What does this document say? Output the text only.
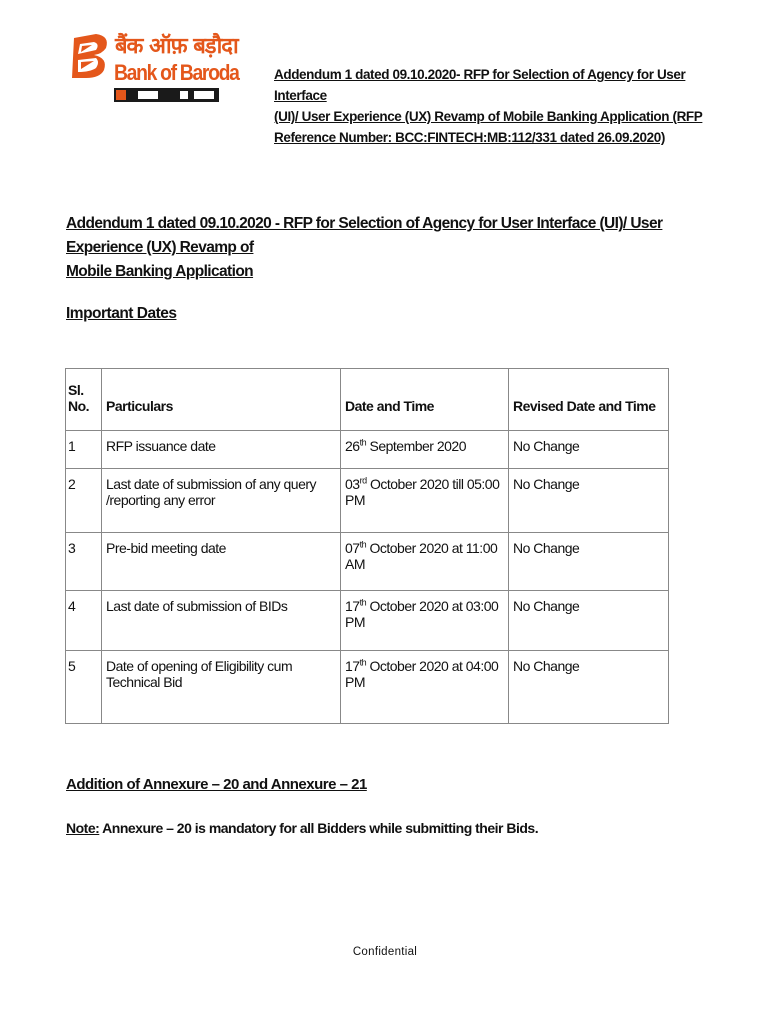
बैंक ऑफ़ बड़ौदा
Bank of Baroda	Addendum 1 dated 09.10.2020- RFP for Selection of Agency for User Interface
(UI)/ User Experience (UX) Revamp of Mobile Banking Application (RFP
Reference Number: BCC:FINTECH:MB:112/331 dated 26.09.2020)
Addendum 1 dated 09.10.2020 - RFP for Selection of Agency for User Interface (UI)/ User Experience (UX) Revamp of
Mobile Banking Application
Important Dates
Sl.
No.	Particulars	Date and Time	Revised Date and Time
1	RFP issuance date	26th September 2020	No Change
2	Last date of submission of any query /reporting any error	03rd October 2020 till 05:00 PM	No Change
3	Pre-bid meeting date	07th October 2020 at 11:00 AM	No Change
4	Last date of submission of BIDs	17th October 2020 at 03:00 PM	No Change
5	Date of opening of Eligibility cum Technical Bid	17th October 2020 at 04:00 PM	No Change
Addition of Annexure – 20 and Annexure – 21
Note: Annexure – 20 is mandatory for all Bidders while submitting their Bids.
Confidential
